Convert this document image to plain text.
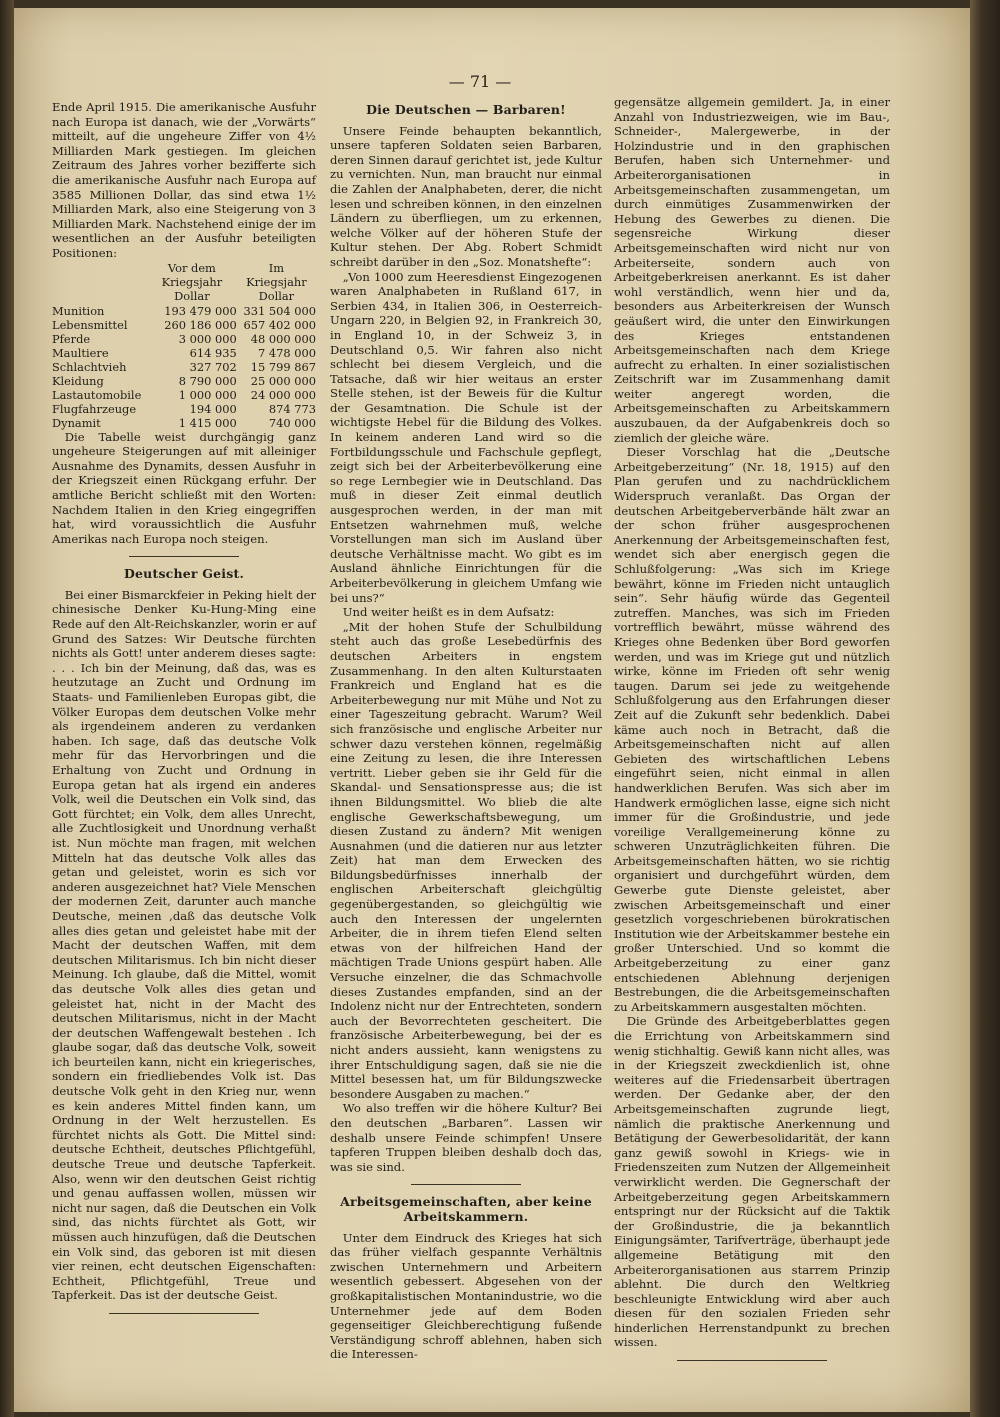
— 71 —

Ende April 1915. Die amerikanische Ausfuhr nach Europa ist danach, wie der „Vorwärts“ mitteilt, auf die ungeheure Ziffer von 4½ Milliarden Mark gestiegen. Im gleichen Zeitraum des Jahres vorher bezifferte sich die amerikanische Ausfuhr nach Europa auf 3585 Millionen Dollar, das sind etwa 1½ Milliarden Mark, also eine Steigerung von 3 Milliarden Mark. Nachstehend einige der im wesentlichen an der Ausfuhr beteiligten Positionen:

	Vor dem Kriegsjahr Dollar	Im Kriegsjahr Dollar
Munition	193 479 000	331 504 000
Lebensmittel	260 186 000	657 402 000
Pferde	3 000 000	48 000 000
Maultiere	614 935	7 478 000
Schlachtvieh	327 702	15 799 867
Kleidung	8 790 000	25 000 000
Lastautomobile	1 000 000	24 000 000
Flugfahrzeuge	194 000	874 773
Dynamit	1 415 000	740 000

Die Tabelle weist durchgängig ganz ungeheure Steigerungen auf mit alleiniger Ausnahme des Dynamits, dessen Ausfuhr in der Kriegszeit einen Rückgang erfuhr. Der amtliche Bericht schließt mit den Worten: Nachdem Italien in den Krieg eingegriffen hat, wird voraussichtlich die Ausfuhr Amerikas nach Europa noch steigen.

Deutscher Geist.

Bei einer Bismarckfeier in Peking hielt der chinesische Denker Ku-Hung-Ming eine Rede auf den Alt-Reichskanzler, worin er auf Grund des Satzes: Wir Deutsche fürchten nichts als Gott! unter anderem dieses sagte: . . . Ich bin der Meinung, daß das, was es heutzutage an Zucht und Ordnung im Staats- und Familienleben Europas gibt, die Völker Europas dem deutschen Volke mehr als irgendeinem anderen zu verdanken haben. Ich sage, daß das deutsche Volk mehr für das Hervorbringen und die Erhaltung von Zucht und Ordnung in Europa getan hat als irgend ein anderes Volk, weil die Deutschen ein Volk sind, das Gott fürchtet; ein Volk, dem alles Unrecht, alle Zuchtlosigkeit und Unordnung verhaßt ist. Nun möchte man fragen, mit welchen Mitteln hat das deutsche Volk alles das getan und geleistet, worin es sich vor anderen ausgezeichnet hat? Viele Menschen der modernen Zeit, darunter auch manche Deutsche, meinen ,daß das deutsche Volk alles dies getan und geleistet habe mit der Macht der deutschen Waffen, mit dem deutschen Militarismus. Ich bin nicht dieser Meinung. Ich glaube, daß die Mittel, womit das deutsche Volk alles dies getan und geleistet hat, nicht in der Macht des deutschen Militarismus, nicht in der Macht der deutschen Waffengewalt bestehen . Ich glaube sogar, daß das deutsche Volk, soweit ich beurteilen kann, nicht ein kriegerisches, sondern ein friedliebendes Volk ist. Das deutsche Volk geht in den Krieg nur, wenn es kein anderes Mittel finden kann, um Ordnung in der Welt herzustellen. Es fürchtet nichts als Gott. Die Mittel sind: deutsche Echtheit, deutsches Pflichtgefühl, deutsche Treue und deutsche Tapferkeit. Also, wenn wir den deutschen Geist richtig und genau auffassen wollen, müssen wir nicht nur sagen, daß die Deutschen ein Volk sind, das nichts fürchtet als Gott, wir müssen auch hinzufügen, daß die Deutschen ein Volk sind, das geboren ist mit diesen vier reinen, echt deutschen Eigenschaften: Echtheit, Pflichtgefühl, Treue und Tapferkeit. Das ist der deutsche Geist.

Die Deutschen — Barbaren!

Unsere Feinde behaupten bekanntlich, unsere tapferen Soldaten seien Barbaren, deren Sinnen darauf gerichtet ist, jede Kultur zu vernichten. Nun, man braucht nur einmal die Zahlen der Analphabeten, derer, die nicht lesen und schreiben können, in den einzelnen Ländern zu überfliegen, um zu erkennen, welche Völker auf der höheren Stufe der Kultur stehen. Der Abg. Robert Schmidt schreibt darüber in den „Soz. Monatshefte“:

„Von 1000 zum Heeresdienst Eingezogenen waren Analphabeten in Rußland 617, in Serbien 434, in Italien 306, in Oesterreich-Ungarn 220, in Belgien 92, in Frankreich 30, in England 10, in der Schweiz 3, in Deutschland 0,5. Wir fahren also nicht schlecht bei diesem Vergleich, und die Tatsache, daß wir hier weitaus an erster Stelle stehen, ist der Beweis für die Kultur der Gesamtnation. Die Schule ist der wichtigste Hebel für die Bildung des Volkes. In keinem anderen Land wird so die Fortbildungsschule und Fachschule gepflegt, zeigt sich bei der Arbeiterbevölkerung eine so rege Lernbegier wie in Deutschland. Das muß in dieser Zeit einmal deutlich ausgesprochen werden, in der man mit Entsetzen wahrnehmen muß, welche Vorstellungen man sich im Ausland über deutsche Verhältnisse macht. Wo gibt es im Ausland ähnliche Einrichtungen für die Arbeiterbevölkerung in gleichem Umfang wie bei uns?“

Und weiter heißt es in dem Aufsatz:

„Mit der hohen Stufe der Schulbildung steht auch das große Lesebedürfnis des deutschen Arbeiters in engstem Zusammenhang. In den alten Kulturstaaten Frankreich und England hat es die Arbeiterbewegung nur mit Mühe und Not zu einer Tageszeitung gebracht. Warum? Weil sich französische und englische Arbeiter nur schwer dazu verstehen können, regelmäßig eine Zeitung zu lesen, die ihre Interessen vertritt. Lieber geben sie ihr Geld für die Skandal- und Sensationspresse aus; die ist ihnen Bildungsmittel. Wo blieb die alte englische Gewerkschaftsbewegung, um diesen Zustand zu ändern? Mit wenigen Ausnahmen (und die datieren nur aus letzter Zeit) hat man dem Erwecken des Bildungsbedürfnisses innerhalb der englischen Arbeiterschaft gleichgültig gegenübergestanden, so gleichgültig wie auch den Interessen der ungelernten Arbeiter, die in ihrem tiefen Elend selten etwas von der hilfreichen Hand der mächtigen Trade Unions gespürt haben. Alle Versuche einzelner, die das Schmachvolle dieses Zustandes empfanden, sind an der Indolenz nicht nur der Entrechteten, sondern auch der Bevorrechteten gescheitert. Die französische Arbeiterbewegung, bei der es nicht anders aussieht, kann wenigstens zu ihrer Entschuldigung sagen, daß sie nie die Mittel besessen hat, um für Bildungszwecke besondere Ausgaben zu machen.“

Wo also treffen wir die höhere Kultur? Bei den deutschen „Barbaren“. Lassen wir deshalb unsere Feinde schimpfen! Unsere tapferen Truppen bleiben deshalb doch das, was sie sind.

Arbeitsgemeinschaften, aber keine Arbeitskammern.

Unter dem Eindruck des Krieges hat sich das früher vielfach gespannte Verhältnis zwischen Unternehmern und Arbeitern wesentlich gebessert. Abgesehen von der großkapitalistischen Montanindustrie, wo die Unternehmer jede auf dem Boden gegenseitiger Gleichberechtigung fußende Verständigung schroff ablehnen, haben sich die Interessen-

gegensätze allgemein gemildert. Ja, in einer Anzahl von Industriezweigen, wie im Bau-, Schneider-, Malergewerbe, in der Holzindustrie und in den graphischen Berufen, haben sich Unternehmer- und Arbeiterorganisationen in Arbeitsgemeinschaften zusammengetan, um durch einmütiges Zusammenwirken der Hebung des Gewerbes zu dienen. Die segensreiche Wirkung dieser Arbeitsgemeinschaften wird nicht nur von Arbeiterseite, sondern auch von Arbeitgeberkreisen anerkannt. Es ist daher wohl verständlich, wenn hier und da, besonders aus Arbeiterkreisen der Wunsch geäußert wird, die unter den Einwirkungen des Krieges entstandenen Arbeitsgemeinschaften nach dem Kriege aufrecht zu erhalten. In einer sozialistischen Zeitschrift war im Zusammenhang damit weiter angeregt worden, die Arbeitsgemeinschaften zu Arbeitskammern auszubauen, da der Aufgabenkreis doch so ziemlich der gleiche wäre.

Dieser Vorschlag hat die „Deutsche Arbeitgeberzeitung“ (Nr. 18, 1915) auf den Plan gerufen und zu nachdrücklichem Widerspruch veranlaßt. Das Organ der deutschen Arbeitgeberverbände hält zwar an der schon früher ausgesprochenen Anerkennung der Arbeitsgemeinschaften fest, wendet sich aber energisch gegen die Schlußfolgerung: „Was sich im Kriege bewährt, könne im Frieden nicht untauglich sein“. Sehr häufig würde das Gegenteil zutreffen. Manches, was sich im Frieden vortrefflich bewährt, müsse während des Krieges ohne Bedenken über Bord geworfen werden, und was im Kriege gut und nützlich wirke, könne im Frieden oft sehr wenig taugen. Darum sei jede zu weitgehende Schlußfolgerung aus den Erfahrungen dieser Zeit auf die Zukunft sehr bedenklich. Dabei käme auch noch in Betracht, daß die Arbeitsgemeinschaften nicht auf allen Gebieten des wirtschaftlichen Lebens eingeführt seien, nicht einmal in allen handwerklichen Berufen. Was sich aber im Handwerk ermöglichen lasse, eigne sich nicht immer für die Großindustrie, und jede voreilige Verallgemeinerung könne zu schweren Unzuträglichkeiten führen. Die Arbeitsgemeinschaften hätten, wo sie richtig organisiert und durchgeführt würden, dem Gewerbe gute Dienste geleistet, aber zwischen Arbeitsgemeinschaft und einer gesetzlich vorgeschriebenen bürokratischen Institution wie der Arbeitskammer bestehe ein großer Unterschied. Und so kommt die Arbeitgeberzeitung zu einer ganz entschiedenen Ablehnung derjenigen Bestrebungen, die die Arbeitsgemeinschaften zu Arbeitskammern ausgestalten möchten.

Die Gründe des Arbeitgeberblattes gegen die Errichtung von Arbeitskammern sind wenig stichhaltig. Gewiß kann nicht alles, was in der Kriegszeit zweckdienlich ist, ohne weiteres auf die Friedensarbeit übertragen werden. Der Gedanke aber, der den Arbeitsgemeinschaften zugrunde liegt, nämlich die praktische Anerkennung und Betätigung der Gewerbesolidarität, der kann ganz gewiß sowohl in Kriegs- wie in Friedenszeiten zum Nutzen der Allgemeinheit verwirklicht werden. Die Gegnerschaft der Arbeitgeberzeitung gegen Arbeitskammern entspringt nur der Rücksicht auf die Taktik der Großindustrie, die ja bekanntlich Einigungsämter, Tarifverträge, überhaupt jede allgemeine Betätigung mit den Arbeiterorganisationen aus starrem Prinzip ablehnt. Die durch den Weltkrieg beschleunigte Entwicklung wird aber auch diesen für den sozialen Frieden sehr hinderlichen Herrenstandpunkt zu brechen wissen.
